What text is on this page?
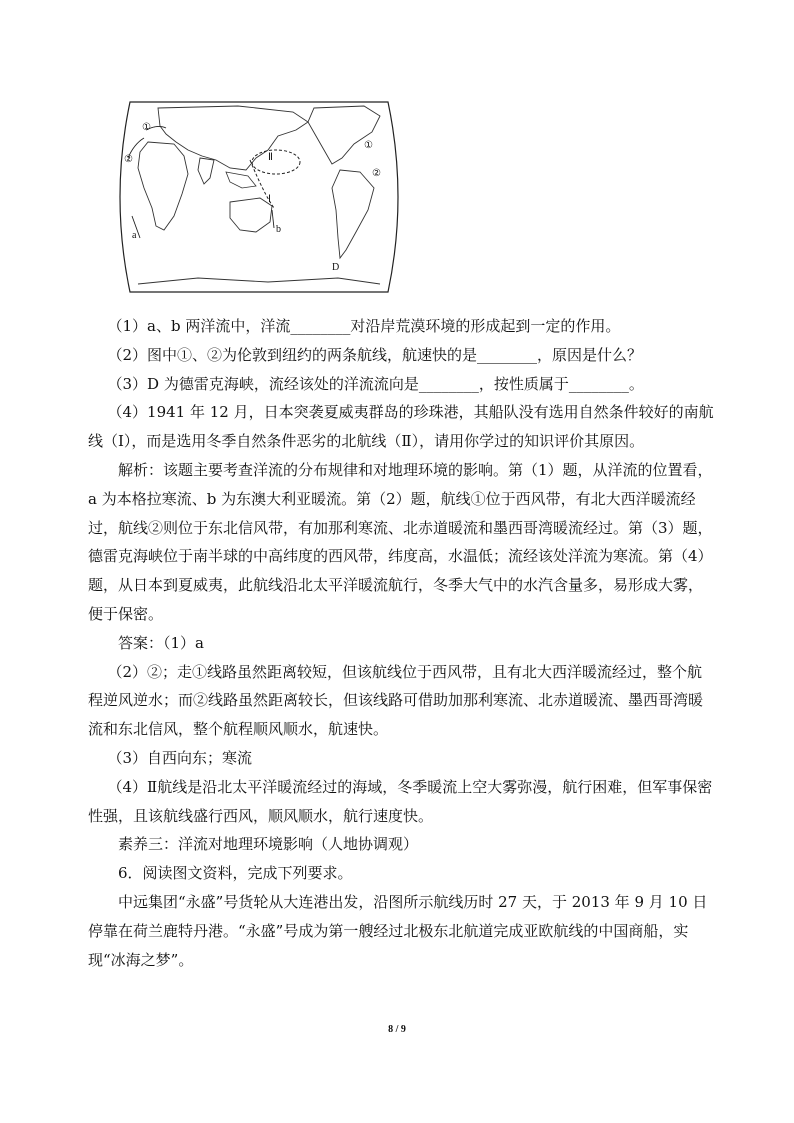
①
②
①
②
Ⅱ
Ⅰ
a
b
D

（1）a、b 两洋流中，洋流________对沿岸荒漠环境的形成起到一定的作用。

（2）图中①、②为伦敦到纽约的两条航线，航速快的是________，原因是什么？

（3）D 为德雷克海峡，流经该处的洋流流向是________，按性质属于________。

（4）1941 年 12 月，日本突袭夏威夷群岛的珍珠港，其船队没有选用自然条件较好的南航线（Ⅰ），而是选用冬季自然条件恶劣的北航线（Ⅱ），请用你学过的知识评价其原因。

解析：该题主要考查洋流的分布规律和对地理环境的影响。第（1）题，从洋流的位置看，a 为本格拉寒流、b 为东澳大利亚暖流。第（2）题，航线①位于西风带，有北大西洋暖流经过，航线②则位于东北信风带，有加那利寒流、北赤道暖流和墨西哥湾暖流经过。第（3）题，德雷克海峡位于南半球的中高纬度的西风带，纬度高，水温低；流经该处洋流为寒流。第（4）题，从日本到夏威夷，此航线沿北太平洋暖流航行，冬季大气中的水汽含量多，易形成大雾，便于保密。

答案：（1）a

（2）②；走①线路虽然距离较短，但该航线位于西风带，且有北大西洋暖流经过，整个航程逆风逆水；而②线路虽然距离较长，但该线路可借助加那利寒流、北赤道暖流、墨西哥湾暖流和东北信风，整个航程顺风顺水，航速快。

（3）自西向东；寒流

（4）Ⅱ航线是沿北太平洋暖流经过的海域，冬季暖流上空大雾弥漫，航行困难，但军事保密性强，且该航线盛行西风，顺风顺水，航行速度快。

素养三：洋流对地理环境影响（人地协调观）

6．阅读图文资料，完成下列要求。

中远集团“永盛”号货轮从大连港出发，沿图所示航线历时 27 天，于 2013 年 9 月 10 日停靠在荷兰鹿特丹港。“永盛”号成为第一艘经过北极东北航道完成亚欧航线的中国商船，实现“冰海之梦”。

8 / 9
